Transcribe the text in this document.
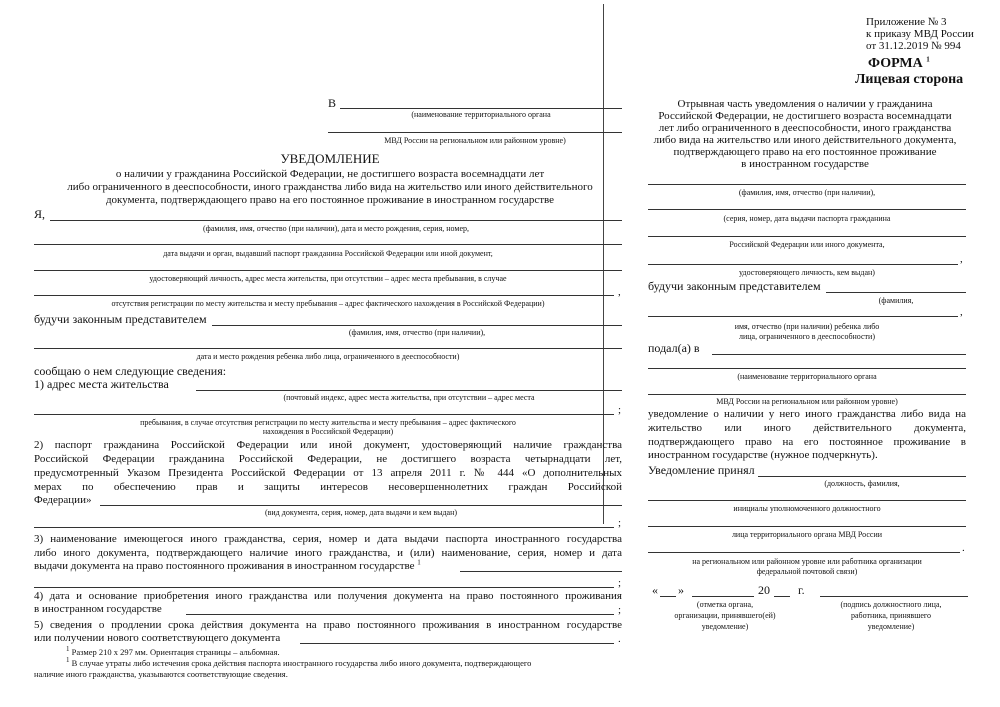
Приложение № 3
к приказу МВД России
от 31.12.2019 № 994
ФОРМА $^1$
Лицевая сторона
В
(наименование территориального органа
МВД России на региональном или районном уровне)
УВЕДОМЛЕНИЕ
о наличии у гражданина Российской Федерации, не достигшего возраста восемнадцати лет
либо ограниченного в дееспособности, иного гражданства либо вида на жительство или иного действительного
документа, подтверждающего право на его постоянное проживание в иностранном государстве
Я,
(фамилия, имя, отчество (при наличии), дата и место рождения, серия, номер,
дата выдачи и орган, выдавший паспорт гражданина Российской Федерации или иной документ,
удостоверяющий личность, адрес места жительства, при отсутствии – адрес места пребывания, в случае
,
отсутствия регистрации по месту жительства и месту пребывания – адрес фактического нахождения в Российской Федерации)
будучи законным представителем
(фамилия, имя, отчество (при наличии),
дата и место рождения ребенка либо лица, ограниченного в дееспособности)
сообщаю о нем следующие сведения:
1) адрес места жительства
(почтовый индекс, адрес места жительства, при отсутствии – адрес места
;
пребывания, в случае отсутствия регистрации по месту жительства и месту пребывания – адрес фактического
нахождения в Российской Федерации)
2) паспорт гражданина Российской Федерации или иной документ, удостоверяющий наличие гражданства
Российской Федерации гражданина Российской Федерации, не достигшего возраста четырнадцати лет,
предусмотренный Указом Президента Российской Федерации от 13 апреля 2011 г. № 444 «О дополнительных
мерах по обеспечению прав и защиты интересов несовершеннолетних граждан Российской
Федерации»
(вид документа, серия, номер, дата выдачи и кем выдан)
;
3) наименование имеющегося иного гражданства, серия, номер и дата выдачи паспорта иностранного государства
либо иного документа, подтверждающего наличие иного гражданства, и (или) наименование, серия, номер и дата
выдачи документа на право постоянного проживания в иностранном государстве $^1$
;
4) дата и основание приобретения иного гражданства или получения документа на право постоянного проживания
в иностранном государстве	;
5) сведения о продлении срока действия документа на право постоянного проживания в иностранном государстве
или получении нового соответствующего документа	.
$^1$ Размер 210 х 297 мм. Ориентация страницы – альбомная.
$^1$ В случае утраты либо истечения срока действия паспорта иностранного государства либо иного документа, подтверждающего
наличие иного гражданства, указываются соответствующие сведения.
Отрывная часть уведомления о наличии у гражданина
Российской Федерации, не достигшего возраста восемнадцати
лет либо ограниченного в дееспособности, иного гражданства
либо вида на жительство или иного действительного документа,
подтверждающего право на его постоянное проживание
в иностранном государстве
(фамилия, имя, отчество (при наличии),
(серия, номер, дата выдачи паспорта гражданина
Российской Федерации или иного документа,
,
удостоверяющего личность, кем выдан)
будучи законным представителем
(фамилия,
,
имя, отчество (при наличии) ребенка либо
лица, ограниченного в дееспособности)
подал(а) в
(наименование территориального органа
МВД России на региональном или районном уровне)
уведомление о наличии у него иного гражданства либо вида на
жительство или иного действительного документа,
подтверждающего право на его постоянное проживание в
иностранном государстве (нужное подчеркнуть).
Уведомление принял
(должность, фамилия,
инициалы уполномоченного должностного
лица территориального органа МВД России
.
на региональном или районном уровне или работника организации
федеральной почтовой связи)
« »	20 г.
(отметка органа,
организации, принявшего(ей)
уведомление)
(подпись должностного лица,
работника, принявшего
уведомление)
